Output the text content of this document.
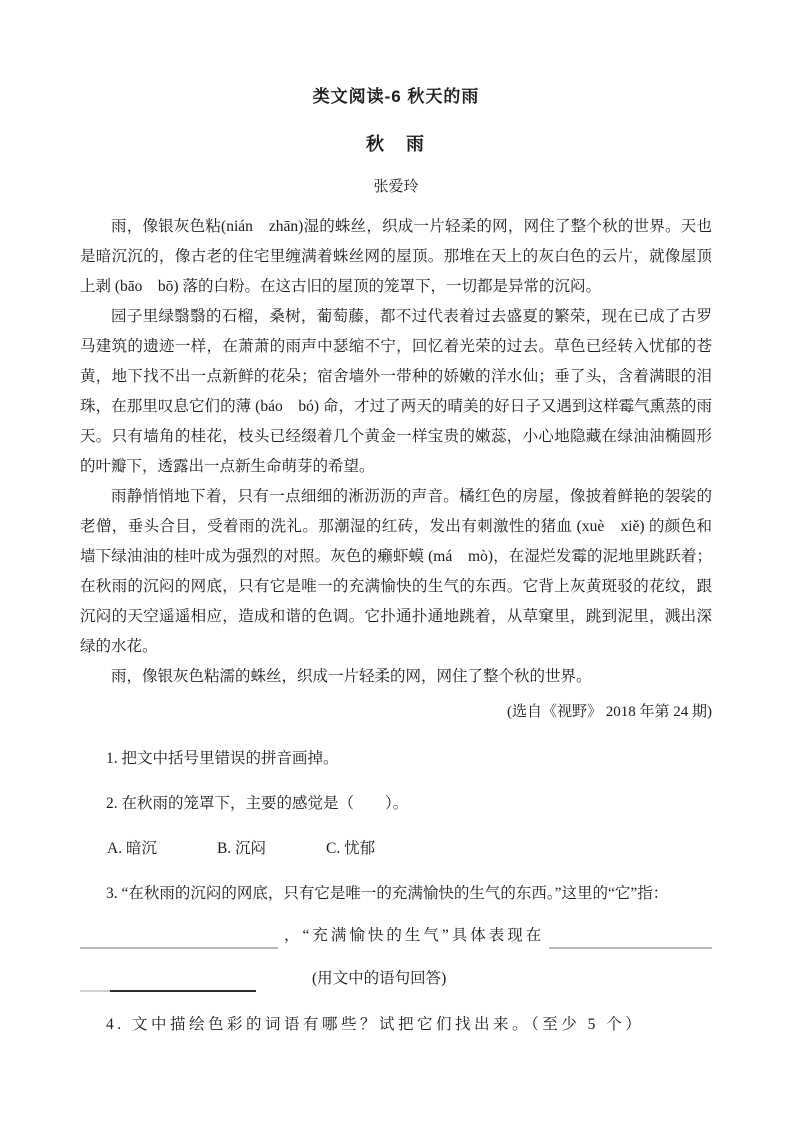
类文阅读-6 秋天的雨
秋　雨
张爱玲

雨，像银灰色粘(nián　zhān)湿的蛛丝，织成一片轻柔的网，网住了整个秋的世界。天也是暗沉沉的，像古老的住宅里缠满着蛛丝网的屋顶。那堆在天上的灰白色的云片，就像屋顶上剥 (bāo　bō) 落的白粉。在这古旧的屋顶的笼罩下，一切都是异常的沉闷。

园子里绿翳翳的石榴，桑树，葡萄藤，都不过代表着过去盛夏的繁荣，现在已成了古罗马建筑的遗迹一样，在萧萧的雨声中瑟缩不宁，回忆着光荣的过去。草色已经转入忧郁的苍黄，地下找不出一点新鲜的花朵；宿舍墙外一带种的娇嫩的洋水仙；垂了头，含着满眼的泪珠，在那里叹息它们的薄 (báo　bó) 命，才过了两天的晴美的好日子又遇到这样霉气熏蒸的雨天。只有墙角的桂花，枝头已经缀着几个黄金一样宝贵的嫩蕊，小心地隐藏在绿油油椭圆形的叶瓣下，透露出一点新生命萌芽的希望。

雨静悄悄地下着，只有一点细细的淅沥沥的声音。橘红色的房屋，像披着鲜艳的袈裟的老僧，垂头合目，受着雨的洗礼。那潮湿的红砖，发出有刺激性的猪血 (xuè　xiě) 的颜色和墙下绿油油的桂叶成为强烈的对照。灰色的癞虾蟆 (má　mò)，在湿烂发霉的泥地里跳跃着；在秋雨的沉闷的网底，只有它是唯一的充满愉快的生气的东西。它背上灰黄斑驳的花纹，跟沉闷的天空遥遥相应，造成和谐的色调。它扑通扑通地跳着，从草窠里，跳到泥里，溅出深绿的水花。

雨，像银灰色粘濡的蛛丝，织成一片轻柔的网，网住了整个秋的世界。

(选自《视野》 2018 年第 24 期)

1. 把文中括号里错误的拼音画掉。

2. 在秋雨的笼罩下，主要的感觉是（　　）。

A. 暗沉	B. 沉闷	C. 忧郁

3. “在秋雨的沉闷的网底，只有它是唯一的充满愉快的生气的东西。”这里的“它”指：

，“充满愉快的生气”具体表现在
(用文中的语句回答)

4. 文中描绘色彩的词语有哪些？试把它们找出来。（至少 5 个）
